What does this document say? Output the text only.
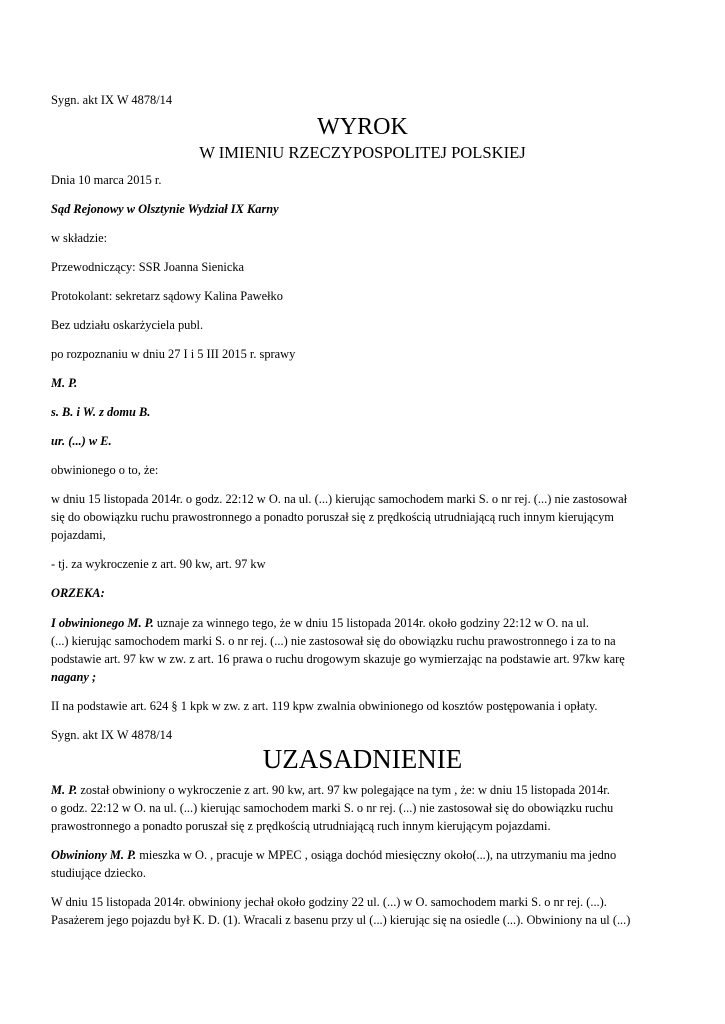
Sygn. akt IX W 4878/14
WYROK
W IMIENIU RZECZYPOSPOLITEJ POLSKIEJ
Dnia 10 marca 2015 r.
Sąd Rejonowy w Olsztynie Wydział IX Karny
w składzie:
Przewodniczący: SSR Joanna Sienicka
Protokolant: sekretarz sądowy Kalina Pawełko
Bez udziału oskarżyciela publ.
po rozpoznaniu w dniu 27 I i 5 III 2015 r. sprawy
M. P.
s. B. i W. z domu B.
ur. (...) w E.
obwinionego o to, że:
w dniu 15 listopada 2014r. o godz. 22:12 w O. na ul. (...) kierując samochodem marki S. o nr rej. (...) nie zastosował
się do obowiązku ruchu prawostronnego a ponadto poruszał się z prędkością utrudniającą ruch innym kierującym
pojazdami,
- tj. za wykroczenie z art. 90 kw, art. 97 kw
ORZEKA:
I obwinionego M. P. uznaje za winnego tego, że w dniu 15 listopada 2014r. około godziny 22:12 w O. na ul.
(...) kierując samochodem marki S. o nr rej. (...) nie zastosował się do obowiązku ruchu prawostronnego i za to na
podstawie art. 97 kw w zw. z art. 16 prawa o ruchu drogowym skazuje go wymierzając na podstawie art. 97kw karę
nagany ;
II na podstawie art. 624 § 1 kpk w zw. z art. 119 kpw zwalnia obwinionego od kosztów postępowania i opłaty.
Sygn. akt IX W 4878/14
UZASADNIENIE
M. P. został obwiniony o wykroczenie z art. 90 kw, art. 97 kw polegające na tym , że: w dniu 15 listopada 2014r.
o godz. 22:12 w O. na ul. (...) kierując samochodem marki S. o nr rej. (...) nie zastosował się do obowiązku ruchu
prawostronnego a ponadto poruszał się z prędkością utrudniającą ruch innym kierującym pojazdami.
Obwiniony M. P. mieszka w O. , pracuje w MPEC , osiąga dochód miesięczny około(...), na utrzymaniu ma jedno
studiujące dziecko.
W dniu 15 listopada 2014r. obwiniony jechał około godziny 22 ul. (...) w O. samochodem marki S. o nr rej. (...).
Pasażerem jego pojazdu był K. D. (1). Wracali z basenu przy ul (...) kierując się na osiedle (...). Obwiniony na ul (...)
